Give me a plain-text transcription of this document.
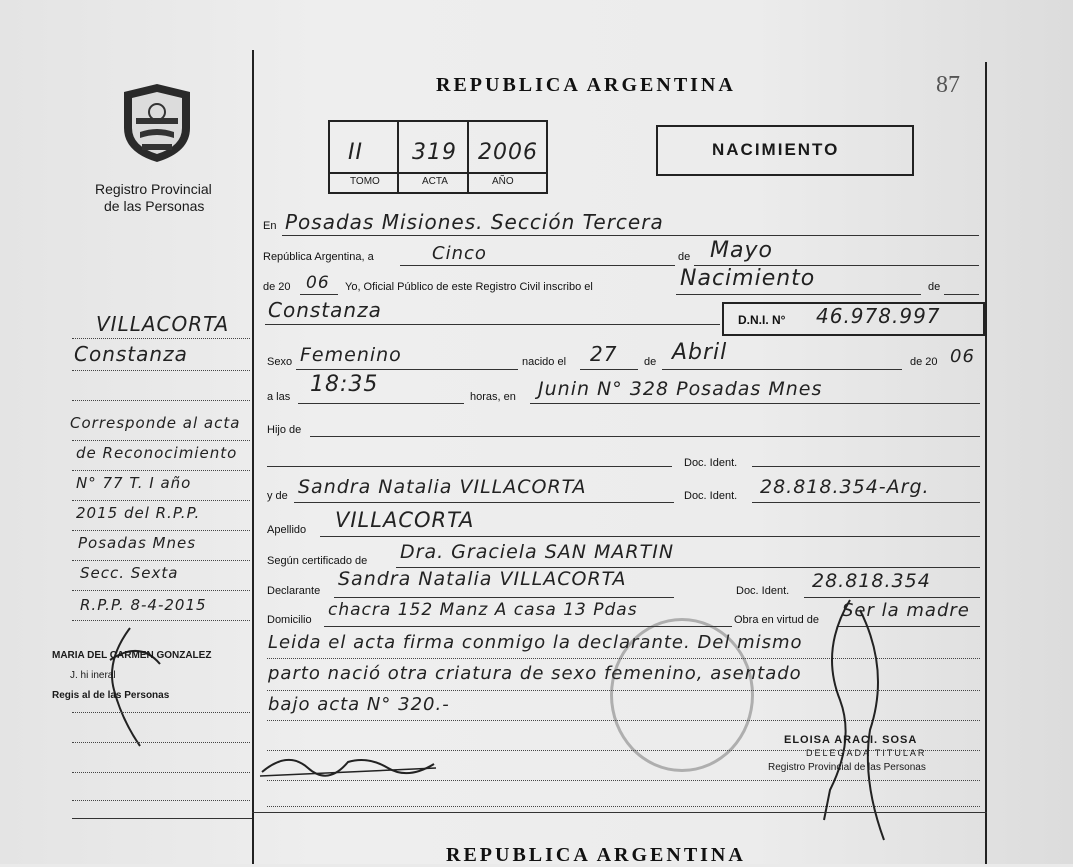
REPUBLICA ARGENTINA	87
Registro Provincial
de las Personas
II 319 2006
TOMO	ACTA	AÑO
NACIMIENTO
En Posadas Misiones. Sección Tercera
República Argentina, a	Cinco	de Mayo
de 20 06 Yo, Oficial Público de este Registro Civil inscribo el	Nacimiento	de
Constanza	D.N.I. N° 46.978.997
Sexo Femenino	nacido el 27 de Abril	de 20 06
a las 18:35	horas, en Junin N° 328 Posadas Mnes
Hijo de
Doc. Ident.
y de Sandra Natalia VILLACORTA	Doc. Ident. 28.818.354-Arg.
Apellido VILLACORTA
Según certificado de Dra. Graciela SAN MARTIN
Declarante
Sandra Natalia VILLACORTA
Doc. Ident. 28.818.354
Domicilio chacra 152 Manz A casa 13 Pdas	Obra en virtud de Ser la madre
Leida el acta firma conmigo la declarante. Del mismo
parto nació otra criatura de sexo femenino, asentado
bajo acta N° 320.-
ELOISA ARACI. SOSA
DELEGADA TITULAR
Registro Provincial de las Personas
VILLACORTA
Constanza
Corresponde al acta
de Reconocimiento
N° 77 T. I año
2015 del R.P.P.
Posadas Mnes
Secc. Sexta
R.P.P. 8-4-2015
MARIA DEL CARMEN GONZALEZ
J. hi ineral
Regis al de las Personas
REPUBLICA ARGENTINA
